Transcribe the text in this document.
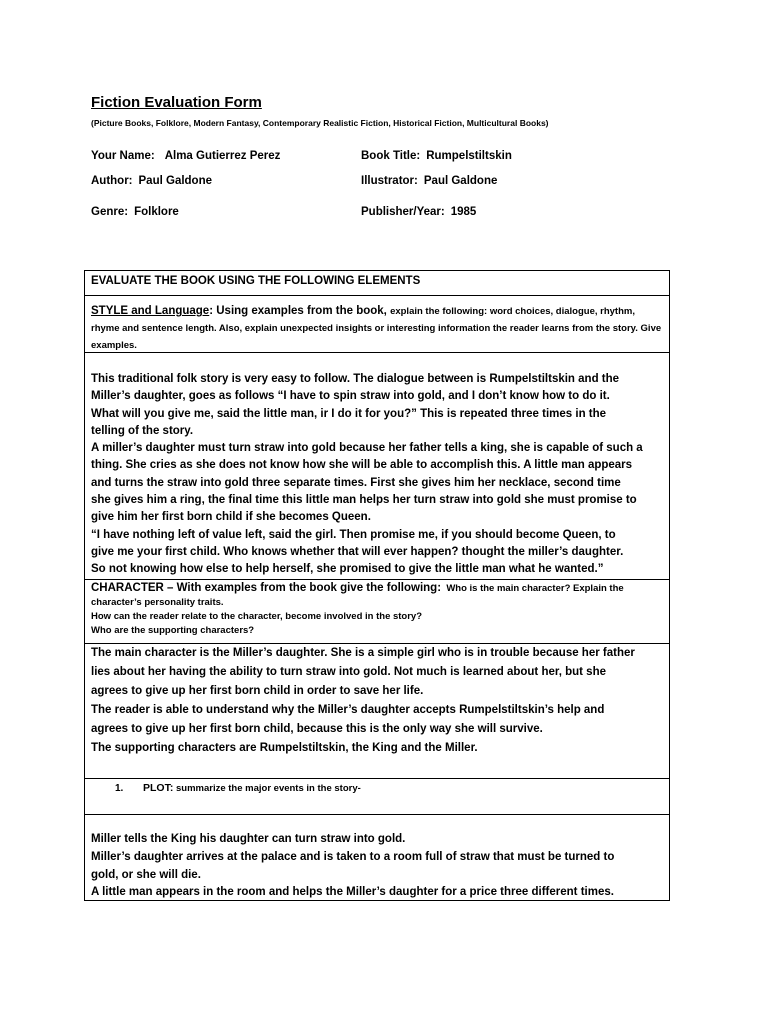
Fiction Evaluation Form
(Picture Books, Folklore, Modern Fantasy, Contemporary Realistic Fiction, Historical Fiction, Multicultural Books)
Your Name: Alma Gutierrez Perez	Book Title: Rumpelstiltskin
Author: Paul Galdone	Illustrator: Paul Galdone
Genre: Folklore	Publisher/Year: 1985
EVALUATE THE BOOK USING THE FOLLOWING ELEMENTS
STYLE and Language: Using examples from the book, explain the following: word choices, dialogue, rhythm, rhyme and sentence length. Also, explain unexpected insights or interesting information the reader learns from the story. Give examples.
This traditional folk story is very easy to follow. The dialogue between is Rumpelstiltskin and the
Miller’s daughter, goes as follows “I have to spin straw into gold, and I don’t know how to do it.
What will you give me, said the little man, ir I do it for you?” This is repeated three times in the
telling of the story.
A miller’s daughter must turn straw into gold because her father tells a king, she is capable of such a
thing. She cries as she does not know how she will be able to accomplish this. A little man appears
and turns the straw into gold three separate times. First she gives him her necklace, second time
she gives him a ring, the final time this little man helps her turn straw into gold she must promise to
give him her first born child if she becomes Queen.
“I have nothing left of value left, said the girl. Then promise me, if you should become Queen, to
give me your first child. Who knows whether that will ever happen? thought the miller’s daughter.
So not knowing how else to help herself, she promised to give the little man what he wanted.”
CHARACTER – With examples from the book give the following: Who is the main character? Explain the
character’s personality traits.
How can the reader relate to the character, become involved in the story?
Who are the supporting characters?
The main character is the Miller’s daughter. She is a simple girl who is in trouble because her father
lies about her having the ability to turn straw into gold. Not much is learned about her, but she
agrees to give up her first born child in order to save her life.
The reader is able to understand why the Miller’s daughter accepts Rumpelstiltskin’s help and
agrees to give up her first born child, because this is the only way she will survive.
The supporting characters are Rumpelstiltskin, the King and the Miller.
1. PLOT: summarize the major events in the story-
Miller tells the King his daughter can turn straw into gold.
Miller’s daughter arrives at the palace and is taken to a room full of straw that must be turned to
gold, or she will die.
A little man appears in the room and helps the Miller’s daughter for a price three different times.
